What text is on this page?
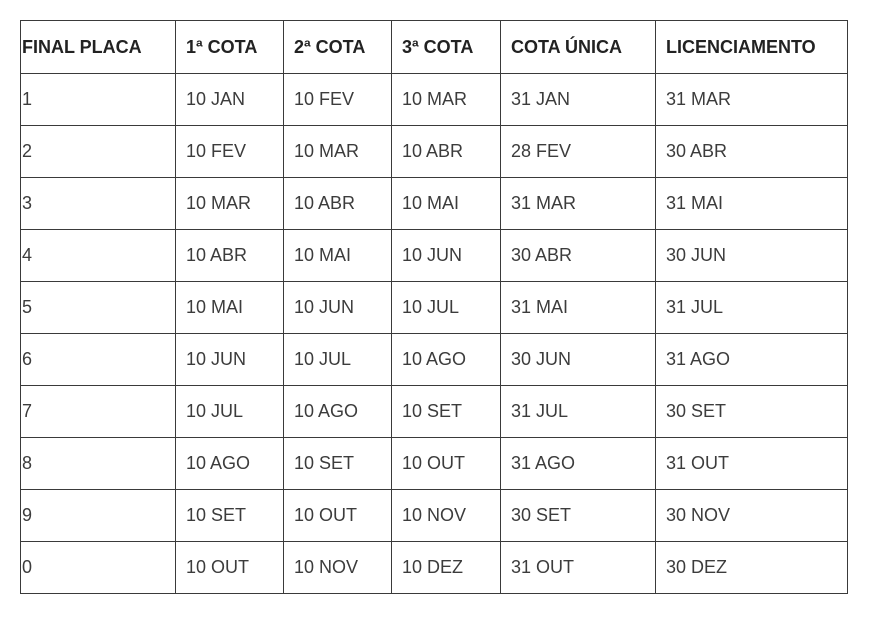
FINAL PLACA	1ª COTA	2ª COTA	3ª COTA	COTA ÚNICA	LICENCIAMENTO
1	10 JAN	10 FEV	10 MAR	31 JAN	31 MAR
2	10 FEV	10 MAR	10 ABR	28 FEV	30 ABR
3	10 MAR	10 ABR	10 MAI	31 MAR	31 MAI
4	10 ABR	10 MAI	10 JUN	30 ABR	30 JUN
5	10 MAI	10 JUN	10 JUL	31 MAI	31 JUL
6	10 JUN	10 JUL	10 AGO	30 JUN	31 AGO
7	10 JUL	10 AGO	10 SET	31 JUL	30 SET
8	10 AGO	10 SET	10 OUT	31 AGO	31 OUT
9	10 SET	10 OUT	10 NOV	30 SET	30 NOV
0	10 OUT	10 NOV	10 DEZ	31 OUT	30 DEZ
